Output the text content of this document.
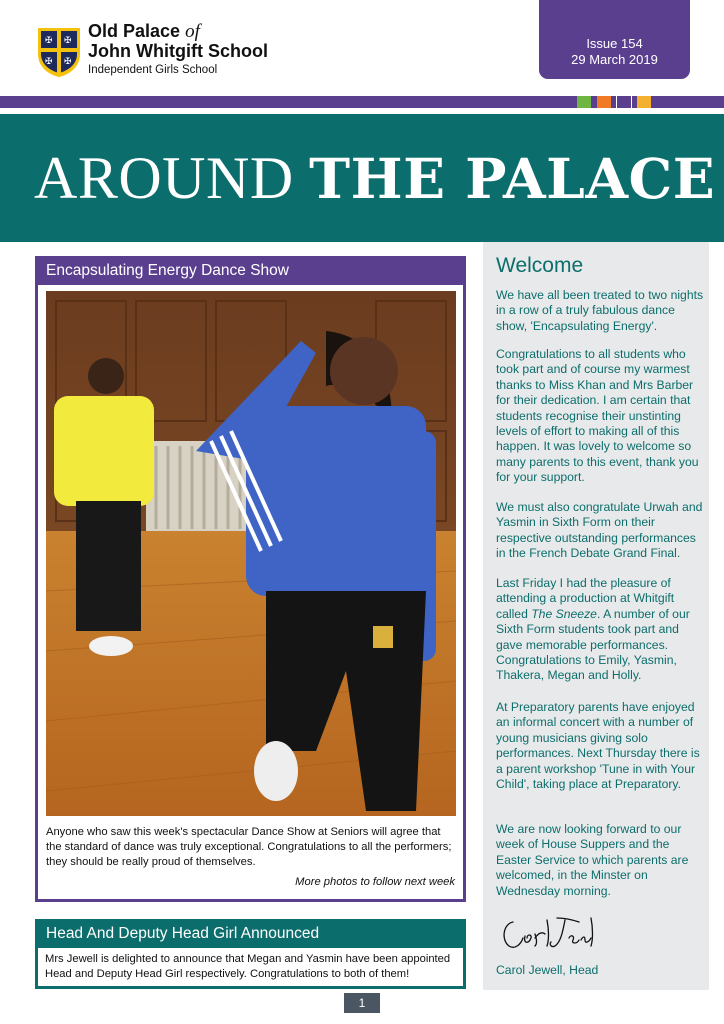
✠ ✠
✠ ✠
Old Palace of
John Whitgift School
Independent Girls School
Issue 154
29 March 2019
AROUND THE PALACE
Encapsulating Energy Dance Show
Anyone who saw this week's spectacular Dance Show at Seniors will agree that the standard of dance was truly exceptional. Congratulations to all the performers; they should be really proud of themselves.
More photos to follow next week
Head And Deputy Head Girl Announced
Mrs Jewell is delighted to announce that Megan and Yasmin have been appointed Head and Deputy Head Girl respectively. Congratulations to both of them!
1
Welcome
We have all been treated to two nights in a row of a truly fabulous dance show, 'Encapsulating Energy'.
Congratulations to all students who took part and of course my warmest thanks to Miss Khan and Mrs Barber for their dedication. I am certain that students recognise their unstinting levels of effort to making all of this happen. It was lovely to welcome so many parents to this event, thank you for your support.
We must also congratulate Urwah and Yasmin in Sixth Form on their respective outstanding performances in the French Debate Grand Final.
Last Friday I had the pleasure of attending a production at Whitgift called The Sneeze. A number of our Sixth Form students took part and gave memorable performances. Congratulations to Emily, Yasmin, Thakera, Megan and Holly.
At Preparatory parents have enjoyed an informal concert with a number of young musicians giving solo performances. Next Thursday there is a parent workshop 'Tune in with Your Child', taking place at Preparatory.
We are now looking forward to our week of House Suppers and the Easter Service to which parents are welcomed, in the Minster on Wednesday morning.
Carol Jewell, Head
